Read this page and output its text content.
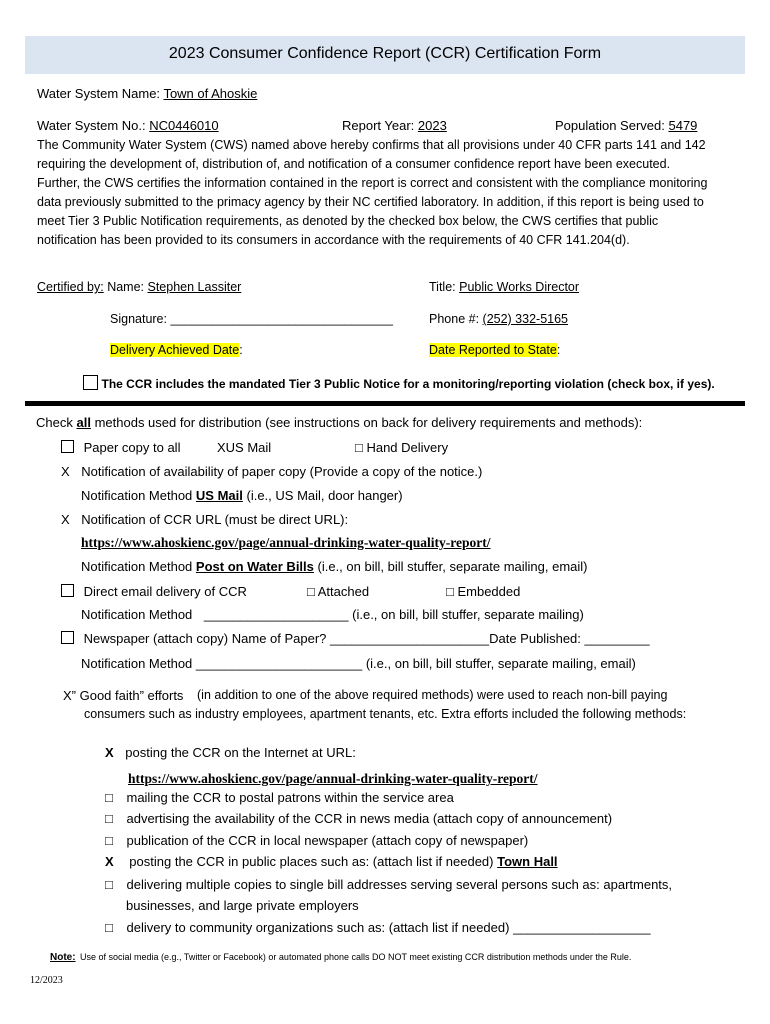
2023 Consumer Confidence Report (CCR) Certification Form
Water System Name: Town of Ahoskie
Water System No.: NC0446010	Report Year: 2023	Population Served: 5479
The Community Water System (CWS) named above hereby confirms that all provisions under 40 CFR parts 141 and 142 requiring the development of, distribution of, and notification of a consumer confidence report have been executed. Further, the CWS certifies the information contained in the report is correct and consistent with the compliance monitoring data previously submitted to the primacy agency by their NC certified laboratory. In addition, if this report is being used to meet Tier 3 Public Notification requirements, as denoted by the checked box below, the CWS certifies that public notification has been provided to its consumers in accordance with the requirements of 40 CFR 141.204(d).
Certified by: Name: Stephen Lassiter	Title: Public Works Director
Signature: ________________________________	Phone #: (252) 332-5165
Delivery Achieved Date:	Date Reported to State:
The CCR includes the mandated Tier 3 Public Notice for a monitoring/reporting violation (check box, if yes).
Check all methods used for distribution (see instructions on back for delivery requirements and methods):
Paper copy to all	XUS Mail	□ Hand Delivery
X Notification of availability of paper copy (Provide a copy of the notice.)
Notification Method US Mail (i.e., US Mail, door hanger)
X Notification of CCR URL (must be direct URL):
https://www.ahoskienc.gov/page/annual-drinking-water-quality-report/
Notification Method Post on Water Bills (i.e., on bill, bill stuffer, separate mailing, email)
Direct email delivery of CCR	□ Attached	□ Embedded
Notification Method ____________________ (i.e., on bill, bill stuffer, separate mailing)
Newspaper (attach copy) Name of Paper? ______________________Date Published: _________
Notification Method _______________________ (i.e., on bill, bill stuffer, separate mailing, email)
X” Good faith” efforts	(in addition to one of the above required methods) were used to reach non-bill paying consumers such as industry employees, apartment tenants, etc. Extra efforts included the following methods:
X posting the CCR on the Internet at URL:
https://www.ahoskienc.gov/page/annual-drinking-water-quality-report/
□ mailing the CCR to postal patrons within the service area
□ advertising the availability of the CCR in news media (attach copy of announcement)
□ publication of the CCR in local newspaper (attach copy of newspaper)
X posting the CCR in public places such as: (attach list if needed) Town Hall
□ delivering multiple copies to single bill addresses serving several persons such as: apartments,
businesses, and large private employers
□ delivery to community organizations such as: (attach list if needed) ___________________
Note: Use of social media (e.g., Twitter or Facebook) or automated phone calls DO NOT meet existing CCR distribution methods under the Rule.
12/2023
